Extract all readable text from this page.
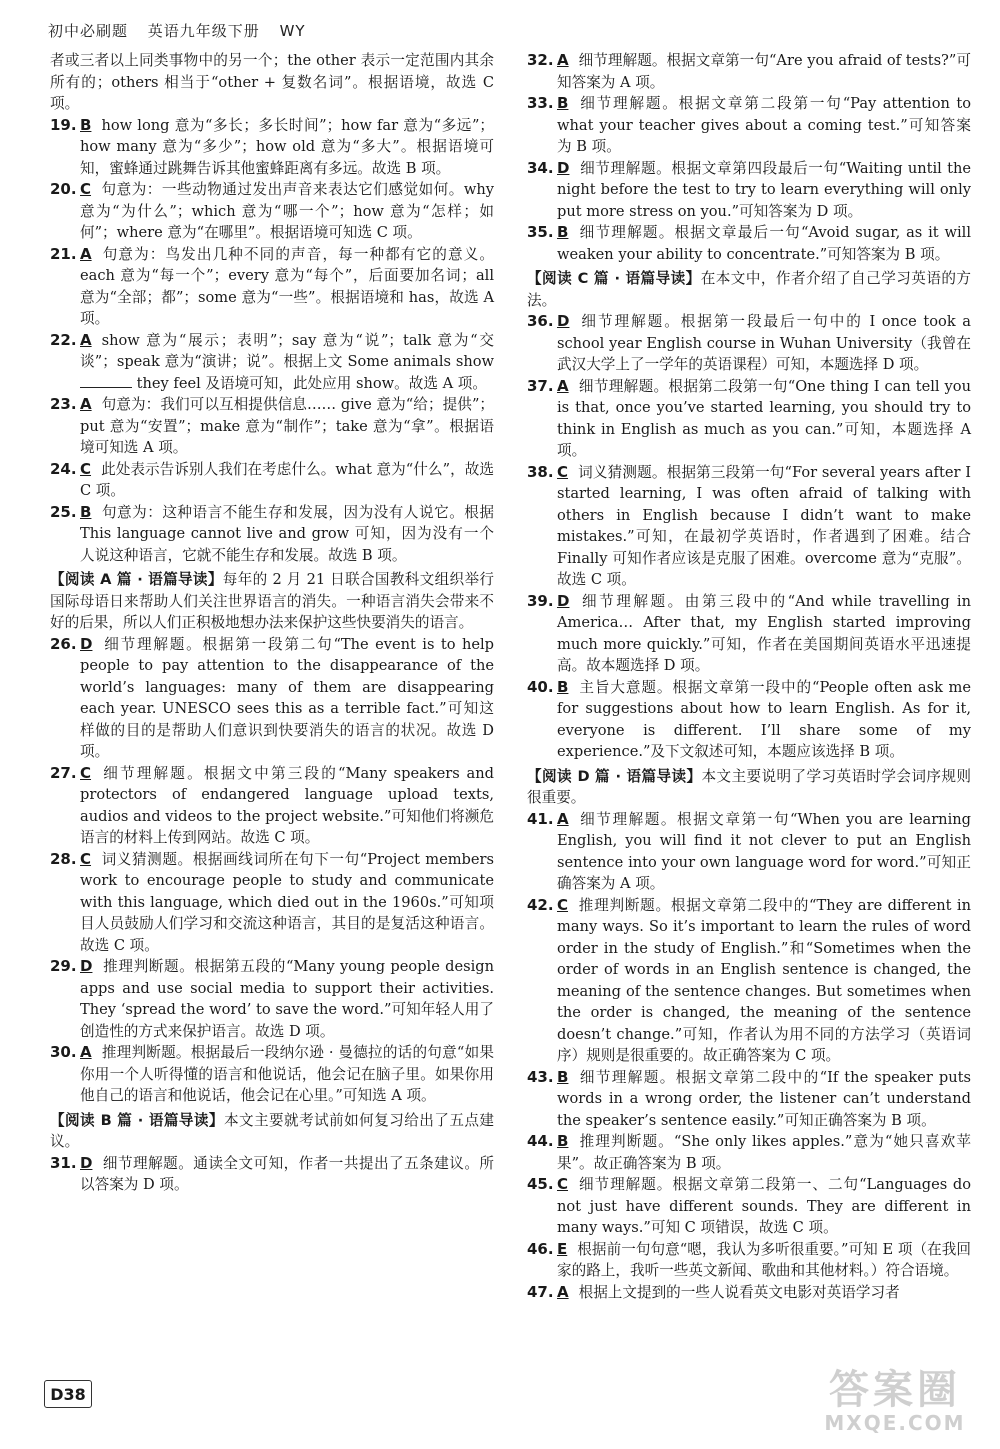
初中必刷题 英语九年级下册 WY

者或三者以上同类事物中的另一个；the other 表示一定范围内其余所有的；others 相当于“other + 复数名词”。根据语境，故选 C 项。

19. B how long 意为“多长；多长时间”；how far 意为“多远”；how many 意为“多少”；how old 意为“多大”。根据语境可知，蜜蜂通过跳舞告诉其他蜜蜂距离有多远。故选 B 项。

20. C 句意为：一些动物通过发出声音来表达它们感觉如何。why 意为“为什么”；which 意为“哪一个”；how 意为“怎样；如何”；where 意为“在哪里”。根据语境可知选 C 项。

21. A 句意为：鸟发出几种不同的声音，每一种都有它的意义。each 意为“每一个”；every 意为“每个”，后面要加名词；all 意为“全部；都”；some 意为“一些”。根据语境和 has，故选 A 项。

22. A show 意为“展示；表明”；say 意为“说”；talk 意为“交谈”；speak 意为“演讲；说”。根据上文 Some animals show  they feel 及语境可知，此处应用 show。故选 A 项。

23. A 句意为：我们可以互相提供信息…… give 意为“给；提供”；put 意为“安置”；make 意为“制作”；take 意为“拿”。根据语境可知选 A 项。

24. C 此处表示告诉别人我们在考虑什么。what 意为“什么”，故选 C 项。

25. B 句意为：这种语言不能生存和发展，因为没有人说它。根据 This language cannot live and grow 可知，因为没有一个人说这种语言，它就不能生存和发展。故选 B 项。

【阅读 A 篇 · 语篇导读】每年的 2 月 21 日联合国教科文组织举行国际母语日来帮助人们关注世界语言的消失。一种语言消失会带来不好的后果，所以人们正积极地想办法来保护这些快要消失的语言。

26. D 细节理解题。根据第一段第二句“The event is to help people to pay attention to the disappearance of the world’s languages: many of them are disappearing each year. UNESCO sees this as a terrible fact.”可知这样做的目的是帮助人们意识到快要消失的语言的状况。故选 D 项。

27. C 细节理解题。根据文中第三段的“Many speakers and protectors of endangered language upload texts, audios and videos to the project website.”可知他们将濒危语言的材料上传到网站。故选 C 项。

28. C 词义猜测题。根据画线词所在句下一句“Project members work to encourage people to study and communicate with this language, which died out in the 1960s.”可知项目人员鼓励人们学习和交流这种语言，其目的是复活这种语言。故选 C 项。

29. D 推理判断题。根据第五段的“Many young people design apps and use social media to support their activities. They ‘spread the word’ to save the word.”可知年轻人用了创造性的方式来保护语言。故选 D 项。

30. A 推理判断题。根据最后一段纳尔逊 · 曼德拉的话的句意“如果你用一个人听得懂的语言和他说话，他会记在脑子里。如果你用他自己的语言和他说话，他会记在心里。”可知选 A 项。

【阅读 B 篇 · 语篇导读】本文主要就考试前如何复习给出了五点建议。

31. D 细节理解题。通读全文可知，作者一共提出了五条建议。所以答案为 D 项。

32. A 细节理解题。根据文章第一句“Are you afraid of tests?”可知答案为 A 项。

33. B 细节理解题。根据文章第二段第一句“Pay attention to what your teacher gives about a coming test.”可知答案为 B 项。

34. D 细节理解题。根据文章第四段最后一句“Waiting until the night before the test to try to learn everything will only put more stress on you.”可知答案为 D 项。

35. B 细节理解题。根据文章最后一句“Avoid sugar, as it will weaken your ability to concentrate.”可知答案为 B 项。

【阅读 C 篇 · 语篇导读】在本文中，作者介绍了自己学习英语的方法。

36. D 细节理解题。根据第一段最后一句中的 I once took a school year English course in Wuhan University（我曾在武汉大学上了一学年的英语课程）可知，本题选择 D 项。

37. A 细节理解题。根据第二段第一句“One thing I can tell you is that, once you’ve started learning, you should try to think in English as much as you can.”可知，本题选择 A 项。

38. C 词义猜测题。根据第三段第一句“For several years after I started learning, I was often afraid of talking with others in English because I didn’t want to make mistakes.”可知，在最初学英语时，作者遇到了困难。结合 Finally 可知作者应该是克服了困难。overcome 意为“克服”。故选 C 项。

39. D 细节理解题。由第三段中的“And while travelling in America… After that, my English started improving much more quickly.”可知，作者在美国期间英语水平迅速提高。故本题选择 D 项。

40. B 主旨大意题。根据文章第一段中的“People often ask me for suggestions about how to learn English. As for it, everyone is different. I’ll share some of my experience.”及下文叙述可知，本题应该选择 B 项。

【阅读 D 篇 · 语篇导读】本文主要说明了学习英语时学会词序规则很重要。

41. A 细节理解题。根据文章第一句“When you are learning English, you will find it not clever to put an English sentence into your own language word for word.”可知正确答案为 A 项。

42. C 推理判断题。根据文章第二段中的“They are different in many ways. So it’s important to learn the rules of word order in the study of English.”和“Sometimes when the order of words in an English sentence is changed, the meaning of the sentence changes. But sometimes when the order is changed, the meaning of the sentence doesn’t change.”可知，作者认为用不同的方法学习（英语词序）规则是很重要的。故正确答案为 C 项。

43. B 细节理解题。根据文章第二段中的“If the speaker puts words in a wrong order, the listener can’t understand the speaker’s sentence easily.”可知正确答案为 B 项。

44. B 推理判断题。“She only likes apples.”意为“她只喜欢苹果”。故正确答案为 B 项。

45. C 细节理解题。根据文章第二段第一、二句“Languages do not just have different sounds. They are different in many ways.”可知 C 项错误，故选 C 项。

46. E 根据前一句句意“嗯，我认为多听很重要。”可知 E 项（在我回家的路上，我听一些英文新闻、歌曲和其他材料。）符合语境。

47. A 根据上文提到的一些人说看英文电影对英语学习者

D38	答案圈
MXQE.COM
